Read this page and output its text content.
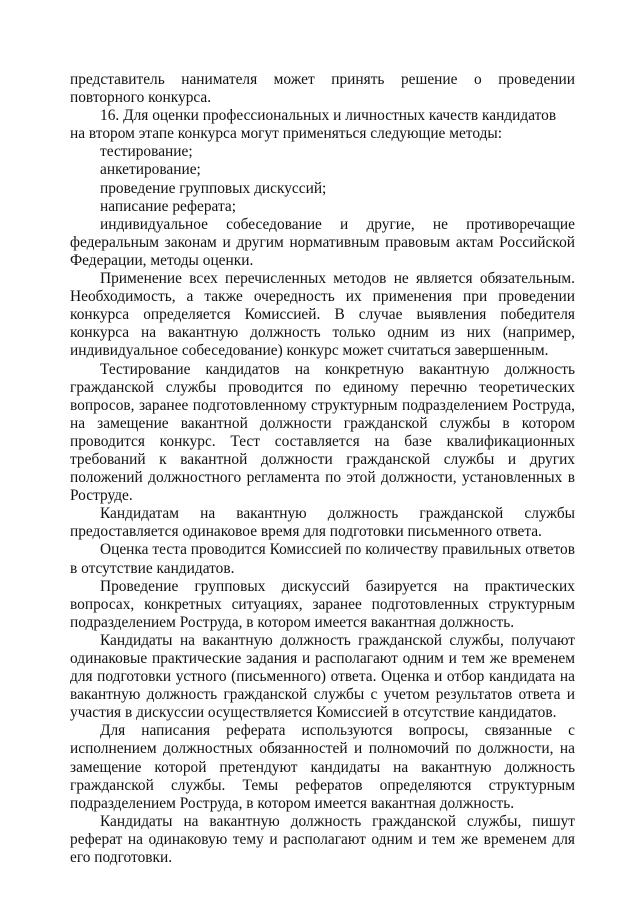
представитель нанимателя может принять решение о проведении повторного конкурса.

16. Для оценки профессиональных и личностных качеств кандидатов на втором этапе конкурса могут применяться следующие методы:

тестирование;

анкетирование;

проведение групповых дискуссий;

написание реферата;

индивидуальное собеседование и другие, не противоречащие федеральным законам и другим нормативным правовым актам Российской Федерации, методы оценки.

Применение всех перечисленных методов не является обязательным. Необходимость, а также очередность их применения при проведении конкурса определяется Комиссией. В случае выявления победителя конкурса на вакантную должность только одним из них (например, индивидуальное собеседование) конкурс может считаться завершенным.

Тестирование кандидатов на конкретную вакантную должность гражданской службы проводится по единому перечню теоретических вопросов, заранее подготовленному структурным подразделением Роструда, на замещение вакантной должности гражданской службы в котором проводится конкурс. Тест составляется на базе квалификационных требований к вакантной должности гражданской службы и других положений должностного регламента по этой должности, установленных в Роструде.

Кандидатам на вакантную должность гражданской службы предоставляется одинаковое время для подготовки письменного ответа.

Оценка теста проводится Комиссией по количеству правильных ответов в отсутствие кандидатов.

Проведение групповых дискуссий базируется на практических вопросах, конкретных ситуациях, заранее подготовленных структурным подразделением Роструда, в котором имеется вакантная должность.

Кандидаты на вакантную должность гражданской службы, получают одинаковые практические задания и располагают одним и тем же временем для подготовки устного (письменного) ответа. Оценка и отбор кандидата на вакантную должность гражданской службы с учетом результатов ответа и участия в дискуссии осуществляется Комиссией в отсутствие кандидатов.

Для написания реферата используются вопросы, связанные с исполнением должностных обязанностей и полномочий по должности, на замещение которой претендуют кандидаты на вакантную должность гражданской службы. Темы рефератов определяются структурным подразделением Роструда, в котором имеется вакантная должность.

Кандидаты на вакантную должность гражданской службы, пишут реферат на одинаковую тему и располагают одним и тем же временем для его подготовки.
